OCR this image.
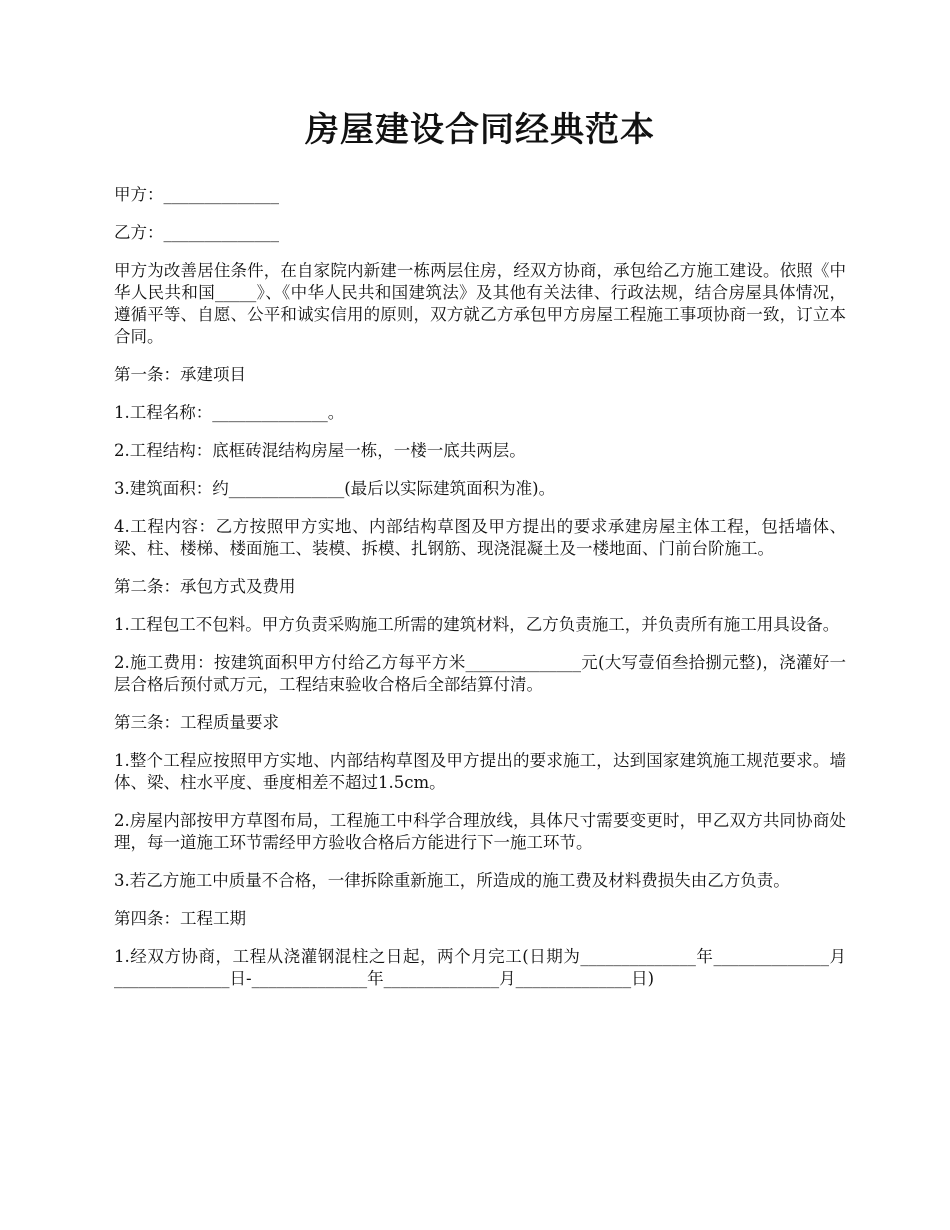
房屋建设合同经典范本

甲方：______________

乙方：______________

甲方为改善居住条件，在自家院内新建一栋两层住房，经双方协商，承包给乙方施工建设。依照《中华人民共和国_____》、《中华人民共和国建筑法》及其他有关法律、行政法规，结合房屋具体情况，遵循平等、自愿、公平和诚实信用的原则，双方就乙方承包甲方房屋工程施工事项协商一致，订立本合同。

第一条：承建项目

1.工程名称：______________。

2.工程结构：底框砖混结构房屋一栋，一楼一底共两层。

3.建筑面积：约______________(最后以实际建筑面积为准)。

4.工程内容：乙方按照甲方实地、内部结构草图及甲方提出的要求承建房屋主体工程，包括墙体、梁、柱、楼梯、楼面施工、装模、拆模、扎钢筋、现浇混凝土及一楼地面、门前台阶施工。

第二条：承包方式及费用

1.工程包工不包料。甲方负责采购施工所需的建筑材料，乙方负责施工，并负责所有施工用具设备。

2.施工费用：按建筑面积甲方付给乙方每平方米______________元(大写壹佰叁拾捌元整)，浇灌好一层合格后预付贰万元，工程结束验收合格后全部结算付清。

第三条：工程质量要求

1.整个工程应按照甲方实地、内部结构草图及甲方提出的要求施工，达到国家建筑施工规范要求。墙体、梁、柱水平度、垂度相差不超过1.5cm。

2.房屋内部按甲方草图布局，工程施工中科学合理放线，具体尺寸需要变更时，甲乙双方共同协商处理，每一道施工环节需经甲方验收合格后方能进行下一施工环节。

3.若乙方施工中质量不合格，一律拆除重新施工，所造成的施工费及材料费损失由乙方负责。

第四条：工程工期

1.经双方协商，工程从浇灌钢混柱之日起，两个月完工(日期为______________年______________月______________日-______________年______________月______________日)
